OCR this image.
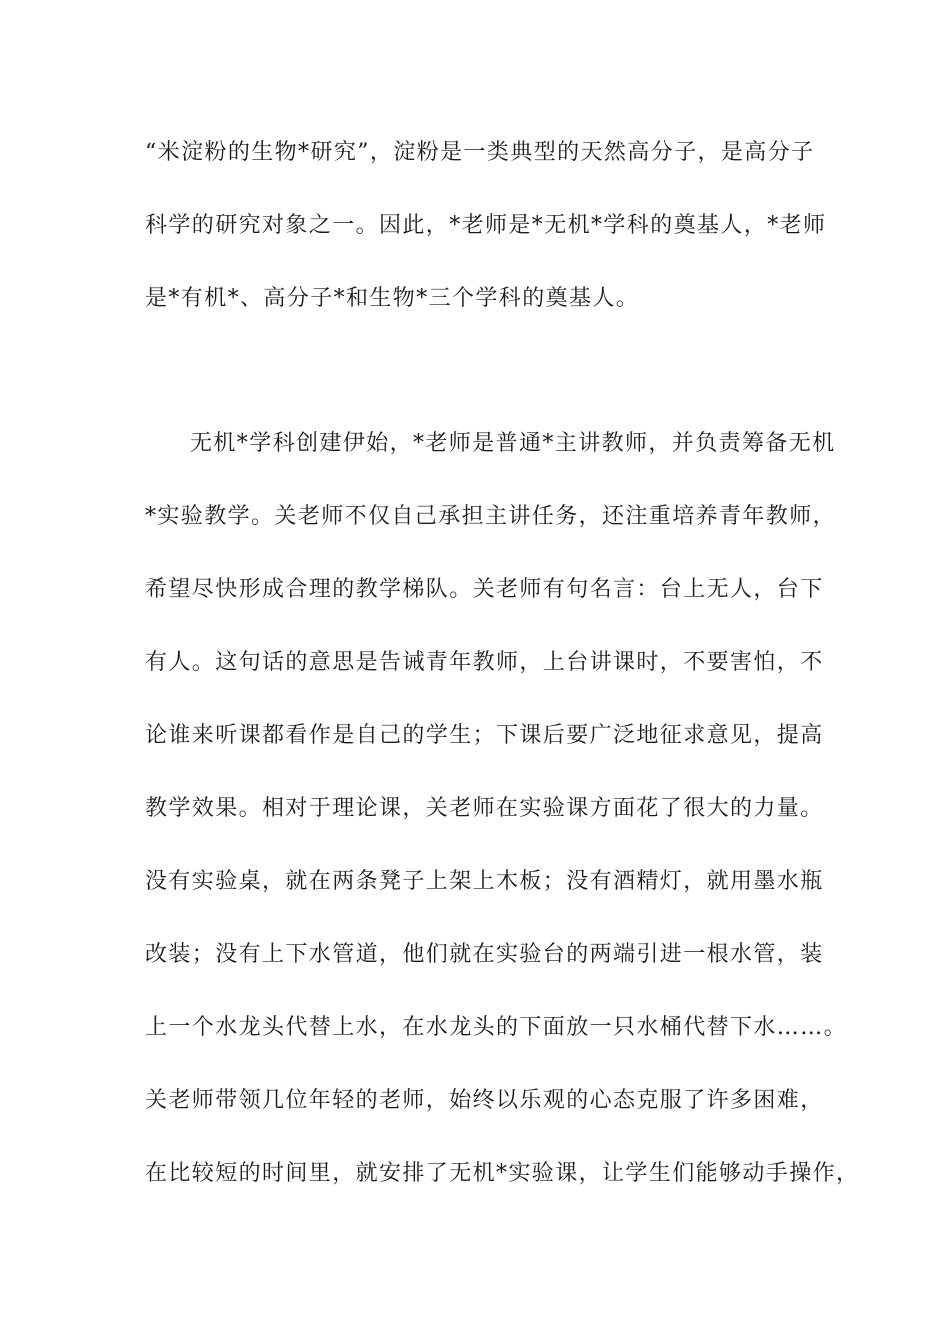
“米淀粉的生物*研究”，淀粉是一类典型的天然高分子，是高分子
科学的研究对象之一。因此，*老师是*无机*学科的奠基人，*老师
是*有机*、高分子*和生物*三个学科的奠基人。
无机*学科创建伊始，*老师是普通*主讲教师，并负责筹备无机
*实验教学。关老师不仅自己承担主讲任务，还注重培养青年教师，
希望尽快形成合理的教学梯队。关老师有句名言：台上无人，台下
有人。这句话的意思是告诫青年教师，上台讲课时，不要害怕，不
论谁来听课都看作是自己的学生；下课后要广泛地征求意见，提高
教学效果。相对于理论课，关老师在实验课方面花了很大的力量。
没有实验桌，就在两条凳子上架上木板；没有酒精灯，就用墨水瓶
改装；没有上下水管道，他们就在实验台的两端引进一根水管，装
上一个水龙头代替上水，在水龙头的下面放一只水桶代替下水……。
关老师带领几位年轻的老师，始终以乐观的心态克服了许多困难，
在比较短的时间里，就安排了无机*实验课，让学生们能够动手操作，
